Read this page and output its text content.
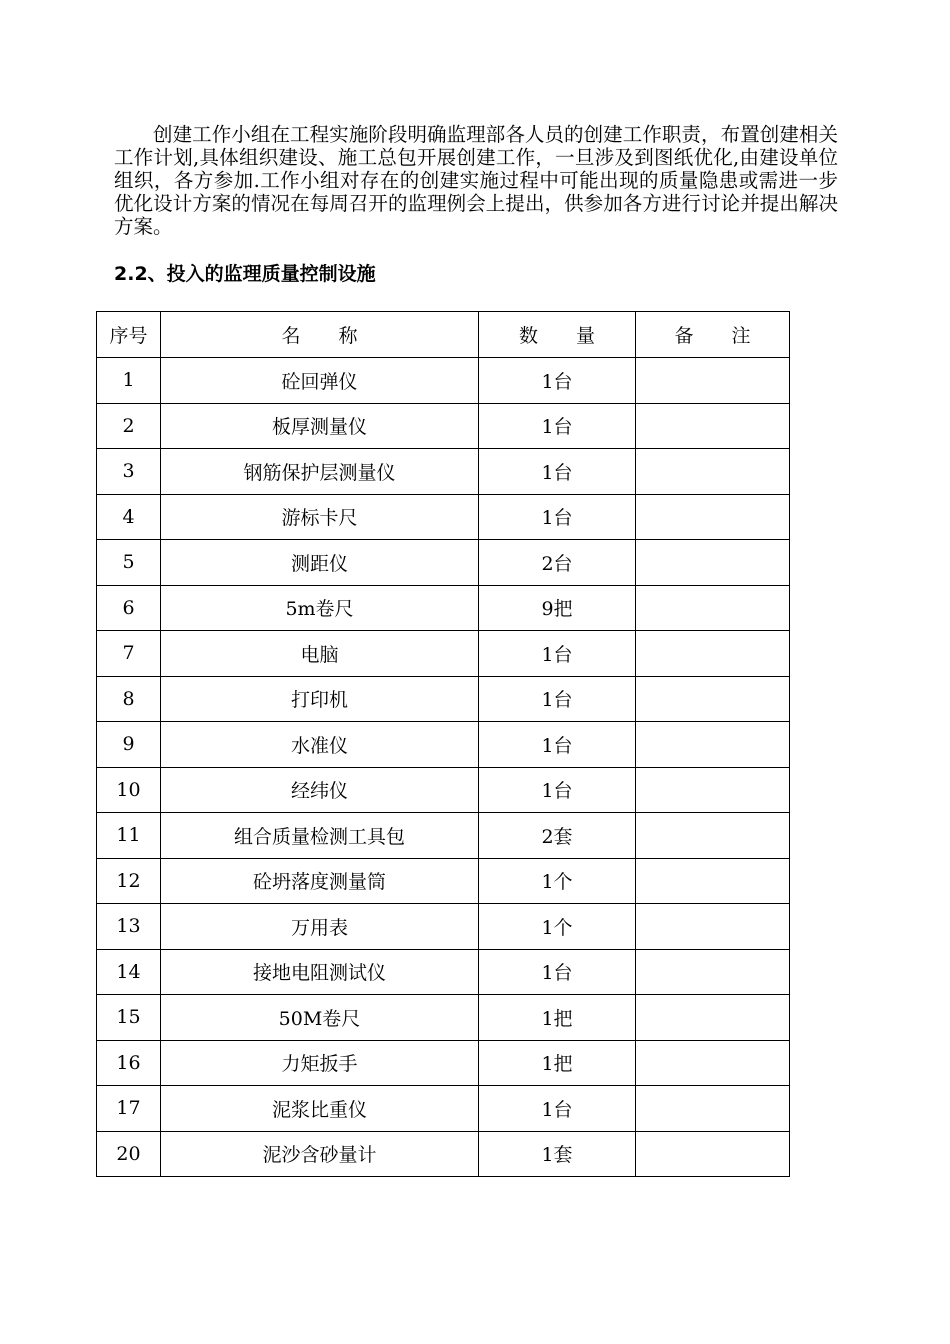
创建工作小组在工程实施阶段明确监理部各人员的创建工作职责，布置创建相关工作计划,具体组织建设、施工总包开展创建工作，一旦涉及到图纸优化,由建设单位组织，各方参加.工作小组对存在的创建实施过程中可能出现的质量隐患或需进一步优化设计方案的情况在每周召开的监理例会上提出，供参加各方进行讨论并提出解决方案。

2.2、投入的监理质量控制设施
序号	名　　称	数　　量	备　　注
1	砼回弹仪	1台	
2	板厚测量仪	1台	
3	钢筋保护层测量仪	1台	
4	游标卡尺	1台	
5	测距仪	2台	
6	5m卷尺	9把	
7	电脑	1台	
8	打印机	1台	
9	水准仪	1台	
10	经纬仪	1台	
11	组合质量检测工具包	2套	
12	砼坍落度测量筒	1个	
13	万用表	1个	
14	接地电阻测试仪	1台	
15	50M卷尺	1把	
16	力矩扳手	1把	
17	泥浆比重仪	1台	
20	泥沙含砂量计	1套	
